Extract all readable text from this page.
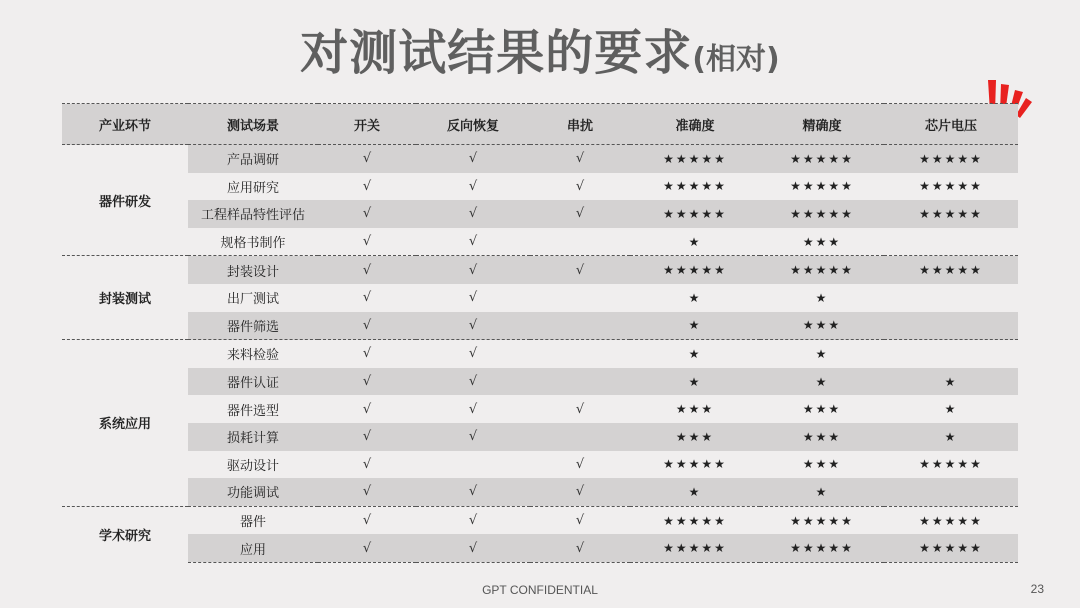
对测试结果的要求(相对)
产业环节	测试场景	开关	反向恢复	串扰	准确度	精确度	芯片电压
器件研发	产品调研	√	√	√	★★★★★	★★★★★	★★★★★
	应用研究	√	√	√	★★★★★	★★★★★	★★★★★
	工程样品特性评估	√	√	√	★★★★★	★★★★★	★★★★★
	规格书制作	√	√		★	★★★	
封装测试	封装设计	√	√	√	★★★★★	★★★★★	★★★★★
	出厂测试	√	√		★	★	
	器件筛选	√	√		★	★★★	
系统应用	来料检验	√	√		★	★	
	器件认证	√	√		★	★	★
	器件选型	√	√	√	★★★	★★★	★
	损耗计算	√	√		★★★	★★★	★
	驱动设计	√		√	★★★★★	★★★	★★★★★
	功能调试	√	√	√	★	★	
学术研究	器件	√	√	√	★★★★★	★★★★★	★★★★★
	应用	√	√	√	★★★★★	★★★★★	★★★★★
GPT CONFIDENTIAL	23
